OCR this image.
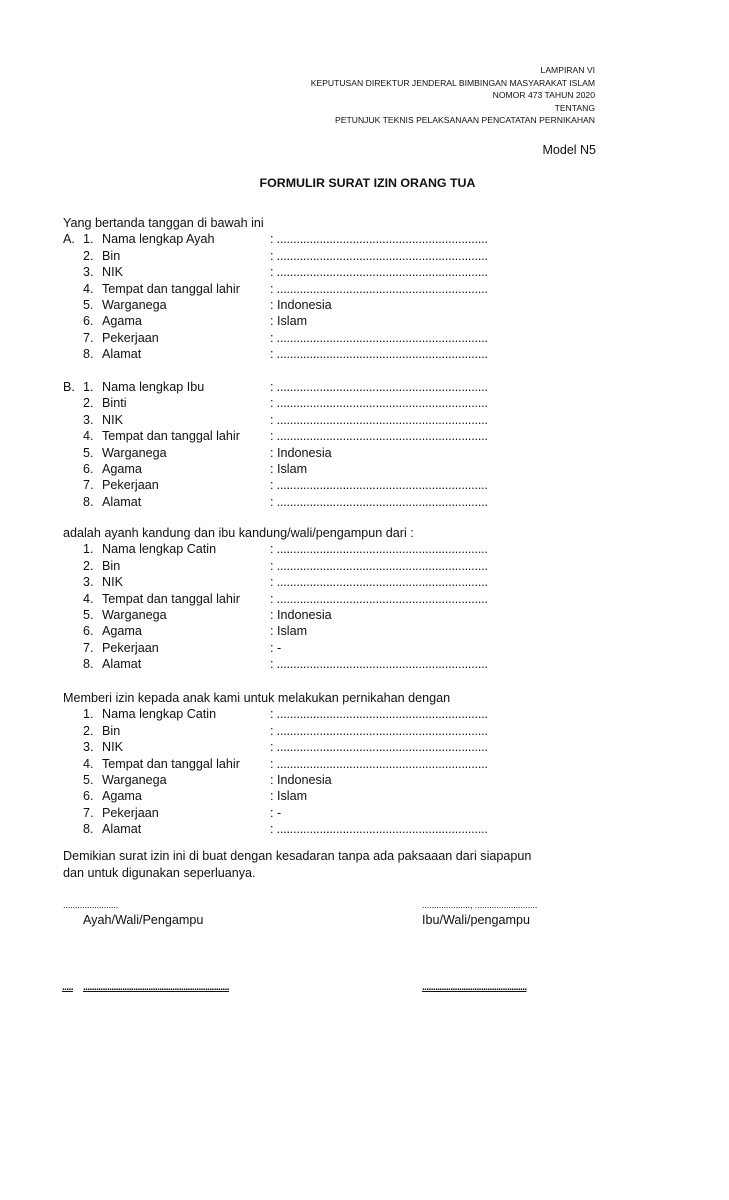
LAMPIRAN VI
KEPUTUSAN DIREKTUR JENDERAL BIMBINGAN MASYARAKAT ISLAM
NOMOR 473 TAHUN 2020
TENTANG
PETUNJUK TEKNIS PELAKSANAAN PENCATATAN PERNIKAHAN
Model N5
FORMULIR SURAT IZIN ORANG TUA
Yang bertanda tanggan di bawah ini
A. 1. Nama lengkap Ayah	: ................................................................
2. Bin	: ................................................................
3. NIK	: ................................................................
4. Tempat dan tanggal lahir : ................................................................
5. Warganega	: Indonesia
6. Agama	: Islam
7. Pekerjaan	: ................................................................
8. Alamat	: ................................................................
B. 1. Nama lengkap Ibu	: ................................................................
2. Binti	: ................................................................
3. NIK	: ................................................................
4. Tempat dan tanggal lahir : ................................................................
5. Warganega	: Indonesia
6. Agama	: Islam
7. Pekerjaan	: ................................................................
8. Alamat	: ................................................................
adalah ayanh kandung dan ibu kandung/wali/pengampun dari :
1. Nama lengkap Catin	: ................................................................
2. Bin	: ................................................................
3. NIK	: ................................................................
4. Tempat dan tanggal lahir : ................................................................
5. Warganega	: Indonesia
6. Agama	: Islam
7. Pekerjaan	: -
8. Alamat	: ................................................................
Memberi izin kepada anak kami untuk melakukan pernikahan dengan
1. Nama lengkap Catin	: ................................................................
2. Bin	: ................................................................
3. NIK	: ................................................................
4. Tempat dan tanggal lahir : ................................................................
5. Warganega	: Indonesia
6. Agama	: Islam
7. Pekerjaan	: -
8. Alamat	: ................................................................
Demikian surat izin ini di buat dengan kesadaran tanpa ada paksaaan dari siapapun
dan untuk digunakan seperluanya.
.......................	...................., ..........................
Ayah/Wali/Pengampu	Ibu/Wali/pengampu
..... ...................................................................	................................................
